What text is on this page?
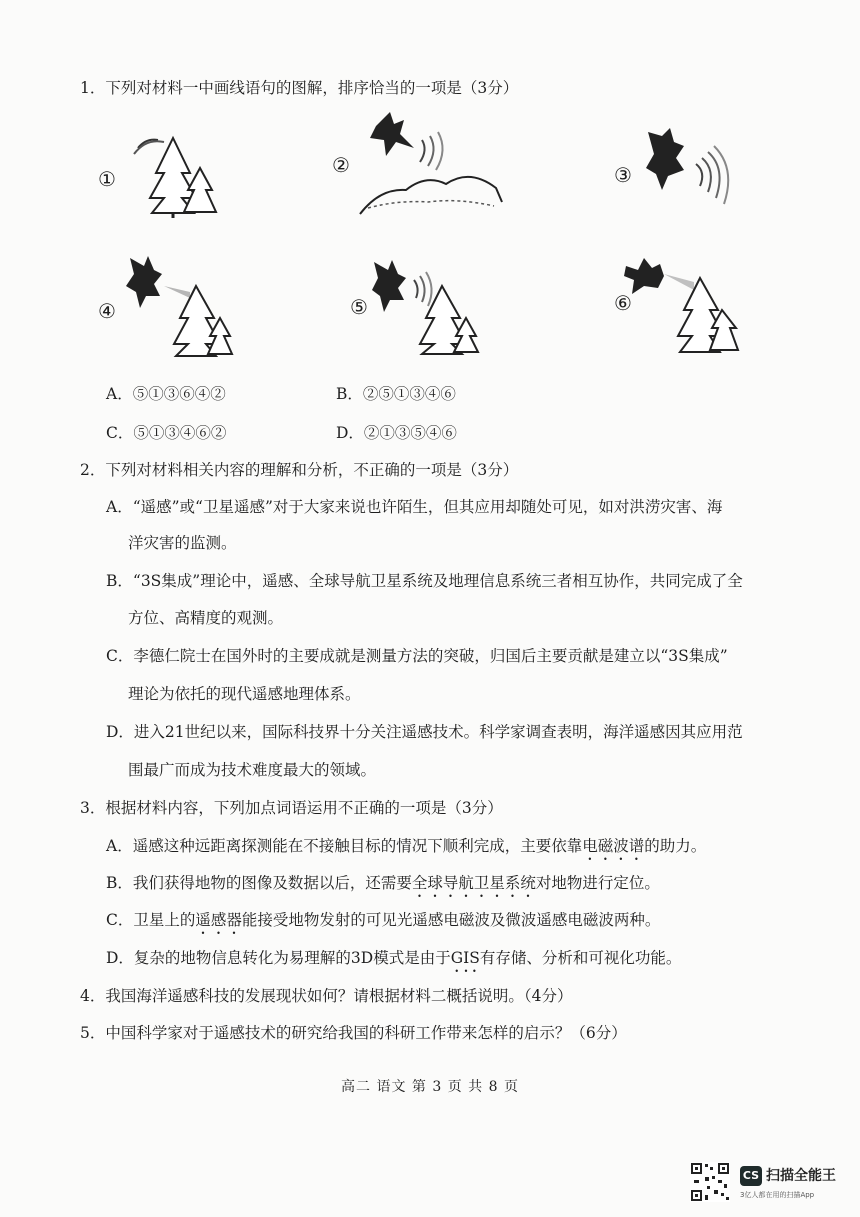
1．下列对材料一中画线语句的图解，排序恰当的一项是（3分）
①
②	③
④	⑤	⑥
A．⑤①③⑥④②	B．②⑤①③④⑥
C．⑤①③④⑥②	D．②①③⑤④⑥
2．下列对材料相关内容的理解和分析，不正确的一项是（3分）
A．“遥感”或“卫星遥感”对于大家来说也许陌生，但其应用却随处可见，如对洪涝灾害、海
洋灾害的监测。
B．“3S集成”理论中，遥感、全球导航卫星系统及地理信息系统三者相互协作，共同完成了全
方位、高精度的观测。
C．李德仁院士在国外时的主要成就是测量方法的突破，归国后主要贡献是建立以“3S集成”
理论为依托的现代遥感地理体系。
D．进入21世纪以来，国际科技界十分关注遥感技术。科学家调查表明，海洋遥感因其应用范
围最广而成为技术难度最大的领域。
3．根据材料内容，下列加点词语运用不正确的一项是（3分）
A．遥感这种远距离探测能在不接触目标的情况下顺利完成，主要依靠电磁波谱的助力。
B．我们获得地物的图像及数据以后，还需要全球导航卫星系统对地物进行定位。
C．卫星上的遥感器能接受地物发射的可见光遥感电磁波及微波遥感电磁波两种。
D．复杂的地物信息转化为易理解的3D模式是由于GIS有存储、分析和可视化功能。
4．我国海洋遥感科技的发展现状如何？请根据材料二概括说明。（4分）
5．中国科学家对于遥感技术的研究给我国的科研工作带来怎样的启示？（6分）
高二 语文 第 3 页 共 8 页
CS 扫描全能王
3亿人都在用的扫描App
